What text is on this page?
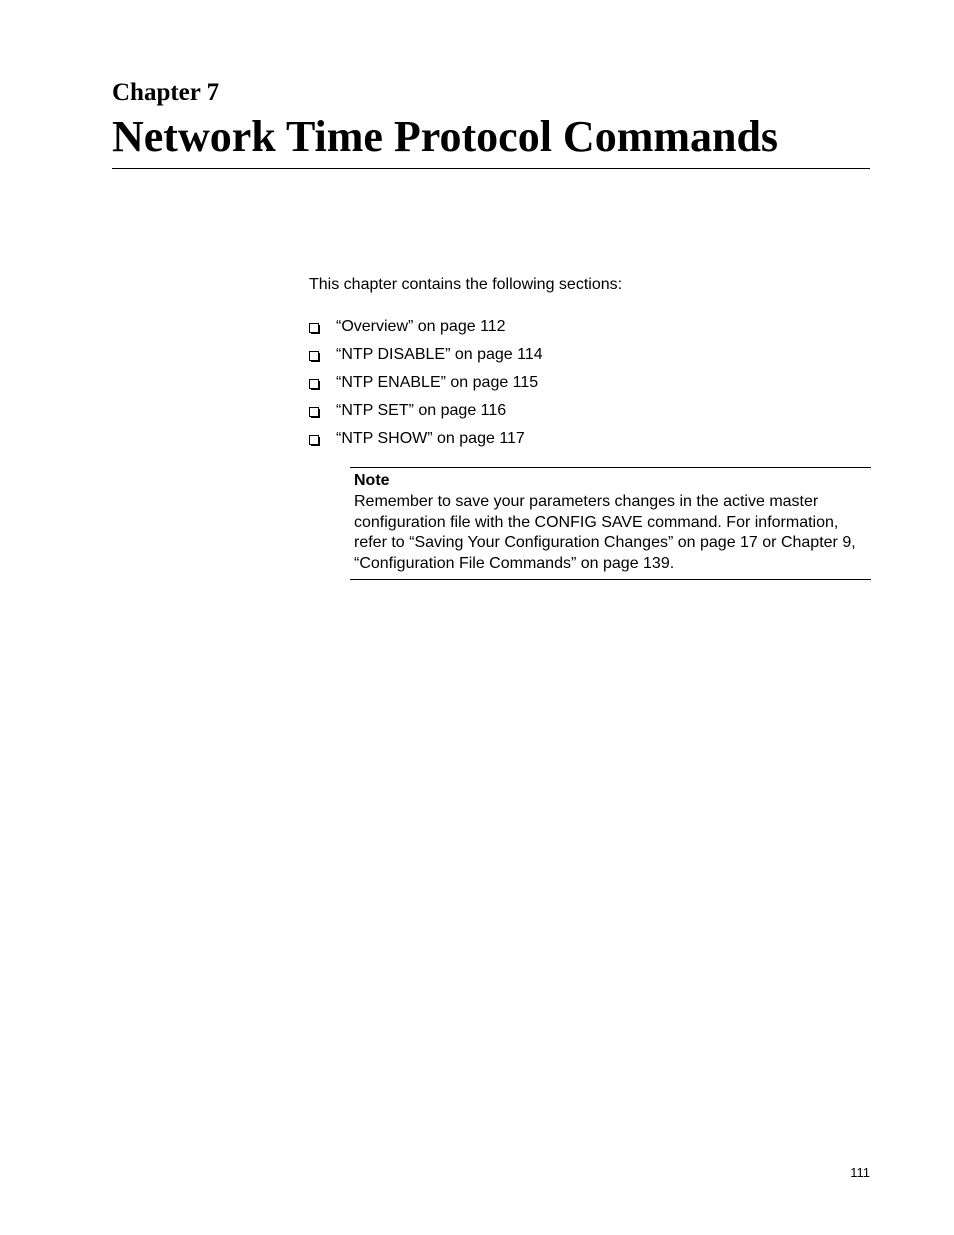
Chapter 7
Network Time Protocol Commands
This chapter contains the following sections:
“Overview” on page 112
“NTP DISABLE” on page 114
“NTP ENABLE” on page 115
“NTP SET” on page 116
“NTP SHOW” on page 117
Note
Remember to save your parameters changes in the active master configuration file with the CONFIG SAVE command. For information, refer to “Saving Your Configuration Changes” on page 17 or Chapter 9, “Configuration File Commands” on page 139.
111
